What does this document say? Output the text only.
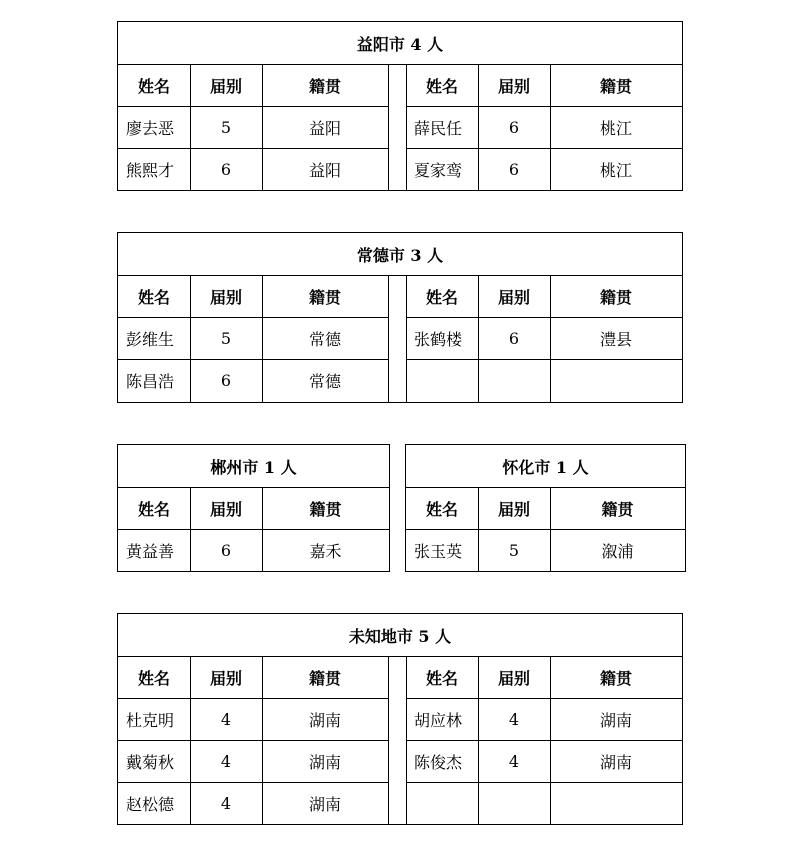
益阳市 4 人
姓名	届别	籍贯	姓名	届别	籍贯
廖去恶	5	益阳	薛民任	6	桃江
熊熙才	6	益阳	夏家鸾	6	桃江
常德市 3 人
姓名	届别	籍贯	姓名	届别	籍贯
彭维生	5	常德	张鹤楼	6	澧县
陈昌浩	6	常德
郴州市 1 人
姓名	届别	籍贯
黄益善	6	嘉禾
怀化市 1 人
姓名	届别	籍贯
张玉英	5	溆浦
未知地市 5 人
姓名	届别	籍贯	姓名	届别	籍贯
杜克明	4	湖南	胡应林	4	湖南
戴菊秋	4	湖南	陈俊杰	4	湖南
赵松德	4	湖南
